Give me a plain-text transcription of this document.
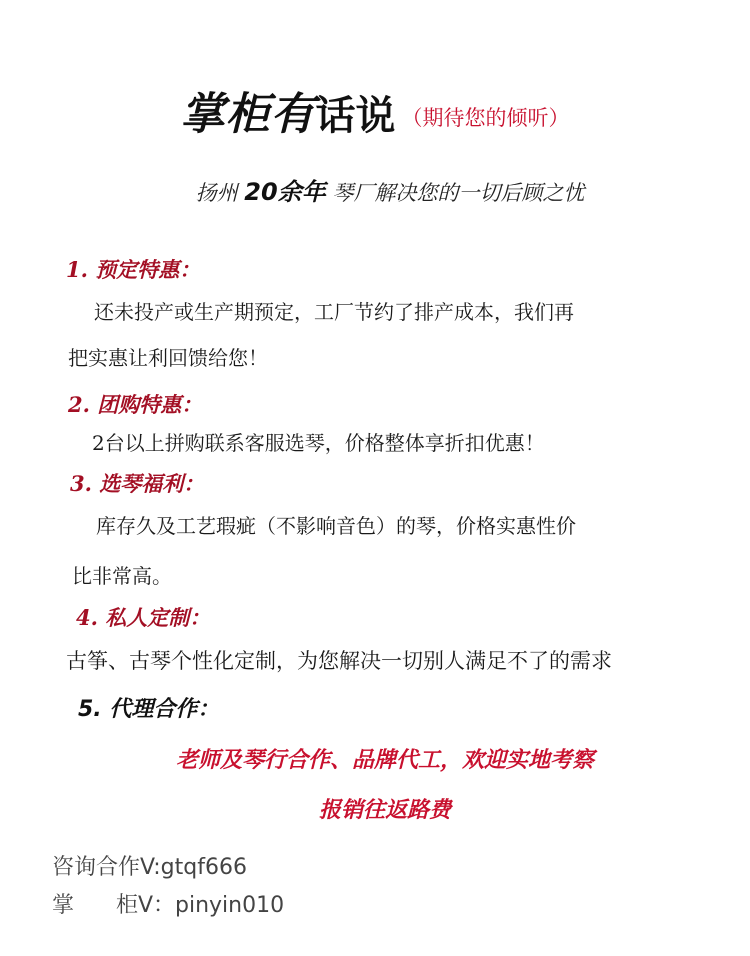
掌柜有话说 （期待您的倾听）
扬州 20余年 琴厂解决您的一切后顾之忧
1. 预定特惠：
还未投产或生产期预定，工厂节约了排产成本，我们再
把实惠让利回馈给您！
2. 团购特惠：
2台以上拼购联系客服选琴，价格整体享折扣优惠！
3. 选琴福利：
库存久及工艺瑕疵（不影响音色）的琴，价格实惠性价
比非常高。
4. 私人定制：
古筝、古琴个性化定制，为您解决一切别人满足不了的需求
5. 代理合作：
老师及琴行合作、品牌代工，欢迎实地考察
报销往返路费
咨询合作V:gtqf666
掌      柜V：pinyin010
